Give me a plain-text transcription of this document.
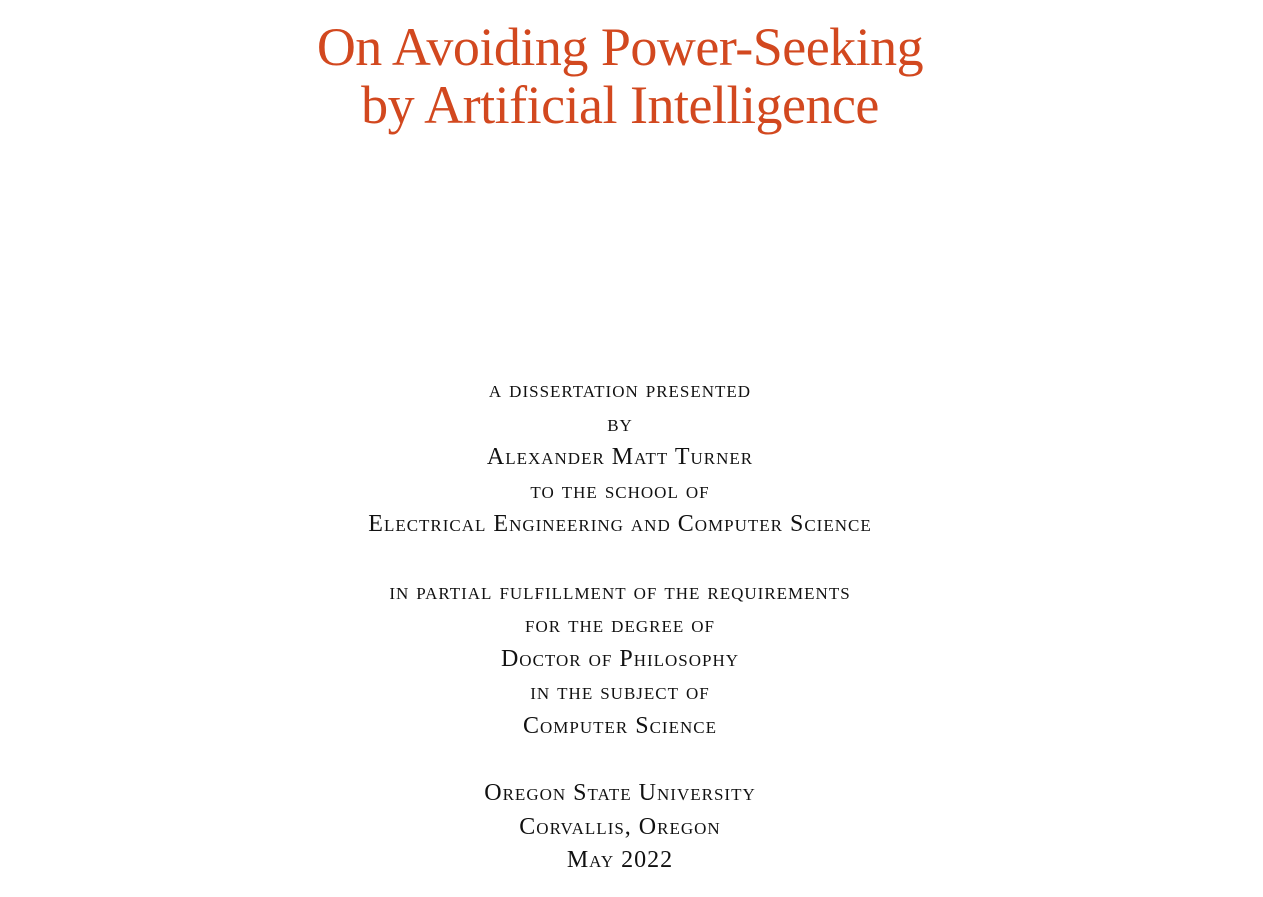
On Avoiding Power-Seeking
by Artificial Intelligence
a dissertation presented
by
Alexander Matt Turner
to the school of
Electrical Engineering and Computer Science
in partial fulfillment of the requirements
for the degree of
Doctor of Philosophy
in the subject of
Computer Science
Oregon State University
Corvallis, Oregon
May 2022
